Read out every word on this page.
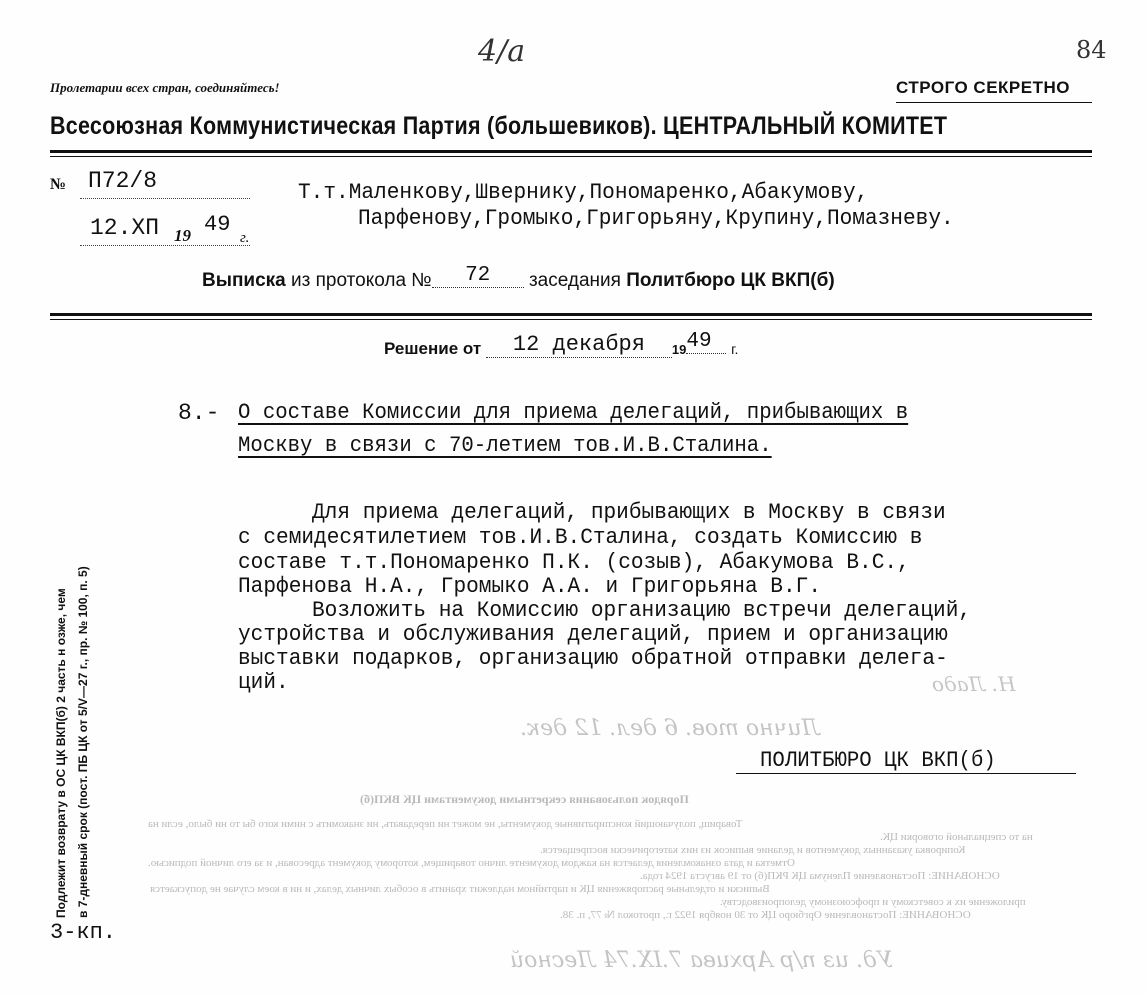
4/а	84
Пролетарии всех стран, соединяйтесь!	СТРОГО СЕКРЕТНО
Всесоюзная Коммунистическая Партия (большевиков). ЦЕНТРАЛЬНЫЙ КОМИТЕТ
№ П72/8
12.ХП 19 49
г.
Т.т.Маленкову,Швернику,Пономаренко,Абакумову,
Парфенову,Громыко,Григорьяну,Крупину,Помазневу.
Выписка из протокола № 72 заседания Политбюро ЦК ВКП(б)
Решение от 12 декабря 1949 г.
8.- О составе Комиссии для приема делегаций, прибывающих в
Москву в связи с 70-летием тов.И.В.Сталина.
Для приема делегаций, прибывающих в Москву в связи
с семидесятилетием тов.И.В.Сталина, создать Комиссию в
составе т.т.Пономаренко П.К. (созыв), Абакумова В.С.,
Парфенова Н.А., Громыко А.А. и Григорьяна В.Г.
Возложить на Комиссию организацию встречи делегаций,
устройства и обслуживания делегаций, прием и организацию
выставки подарков, организацию обратной отправки делега-
ций.	Н. Ладо
Лично тов. 6 дел. 12 дек.
ПОЛИТБЮРО ЦК ВКП(б)
Порядок пользования секретными документами ЦК ВКП(б)
Товарищ, получающий конспиративные документы, не может ни передавать, ни знакомить с ними кого бы то ни было, если на
на то специальной оговорки ЦК.
Копировка указанных документов и делание выписок из них категорически воспрещается.
Отметка и дата ознакомления делается на каждом документе лично товарищем, которому документ адресован, и за его личной подписью.
ОСНОВАНИЕ: Постановление Пленума ЦК РКП(б) от 19 августа 1924 года.
Выписки и отдельные распоряжения ЦК и партийном надлежит хранить в особых личных делах, и ни в коем случае не допускается
приложение их к советскому и профсоюзному делопроизводству.
ОСНОВАНИЕ: Постановление Оргбюро ЦК от 30 ноября 1922 г., протокол № 77, п. 38.
Уд. из п/р Архива 7.IX.74 Лесной
Подлежит возврату в ОС ЦК ВКП(б) 2 часть н озже, чем в 7-дневный срок (пост. ПБ ЦК от 5/V—27 г., пр. № 100, п. 5)
3-кп.
